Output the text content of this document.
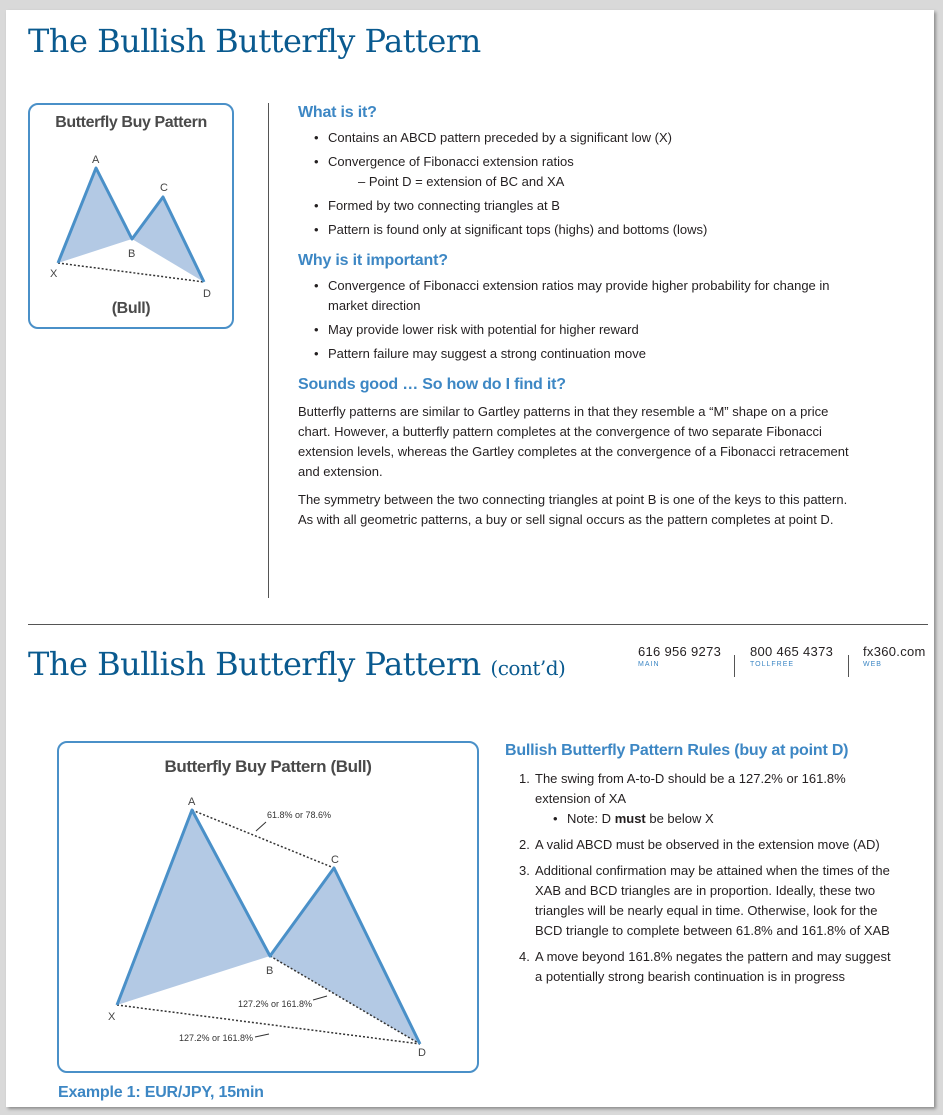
The Bullish Butterfly Pattern
Butterfly Buy Pattern
A
B
C
D
X
(Bull)
What is it?
• Contains an ABCD pattern preceded by a significant low (X)
• Convergence of Fibonacci extension ratios
– Point D = extension of BC and XA
• Formed by two connecting triangles at B
• Pattern is found only at significant tops (highs) and bottoms (lows)
Why is it important?
• Convergence of Fibonacci extension ratios may provide higher probability for change in market direction
• May provide lower risk with potential for higher reward
• Pattern failure may suggest a strong continuation move
Sounds good … So how do I find it?

Butterfly patterns are similar to Gartley patterns in that they resemble a “M” shape on a price chart. However, a butterfly pattern completes at the convergence of two separate Fibonacci extension levels, whereas the Gartley completes at the convergence of a Fibonacci retracement and extension.

The symmetry between the two connecting triangles at point B is one of the keys to this pattern. As with all geometric patterns, a buy or sell signal occurs as the pattern completes at point D.

The Bullish Butterfly Pattern (cont’d)
616 956 9273
MAIN
800 465 4373
TOLLFREE
fx360.com
WEB
Butterfly Buy Pattern (Bull)
61.8% or 78.6%
127.2% or 161.8%
127.2% or 161.8%
A
B
C
D
X
Bullish Butterfly Pattern Rules (buy at point D)
1. The swing from A-to-D should be a 127.2% or 161.8% extension of XA
• Note: D must be below X
2. A valid ABCD must be observed in the extension move (AD)
3. Additional confirmation may be attained when the times of the XAB and BCD triangles are in proportion. Ideally, these two triangles will be nearly equal in time. Otherwise, look for the BCD triangle to complete between 61.8% and 161.8% of XAB
4. A move beyond 161.8% negates the pattern and may suggest a potentially strong bearish continuation is in progress
Example 1: EUR/JPY, 15min
